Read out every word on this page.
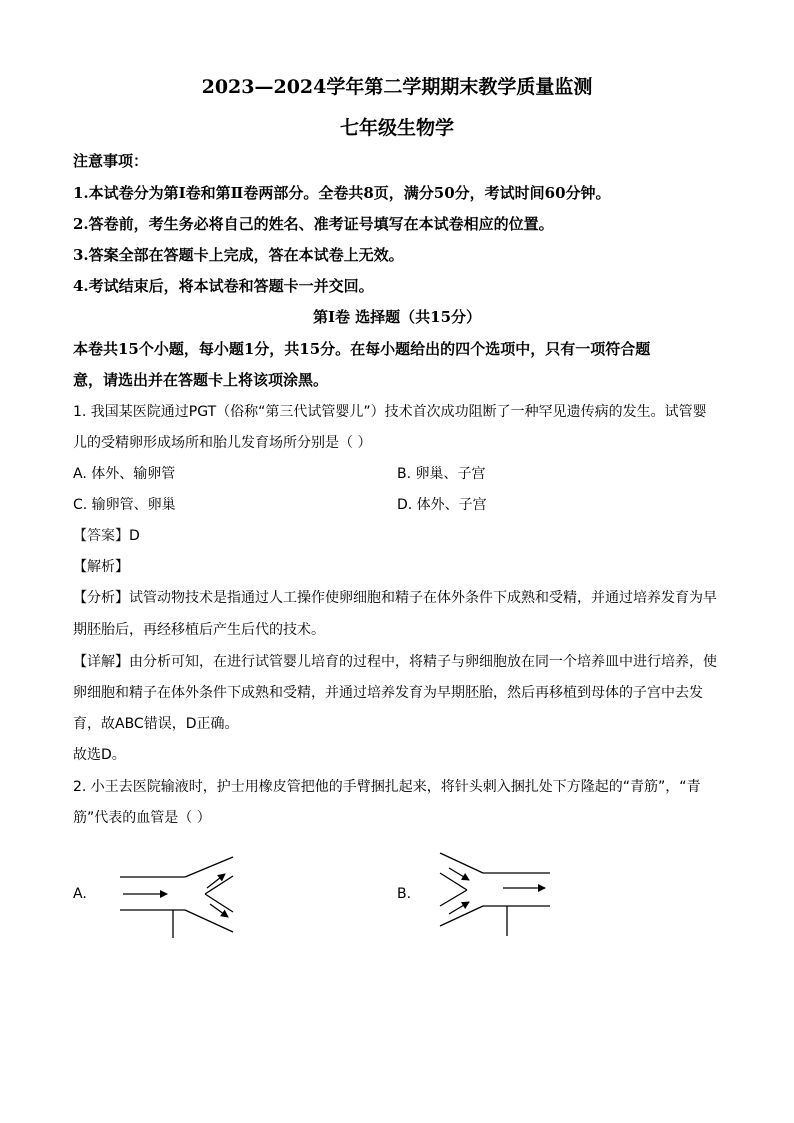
2023—2024学年第二学期期末教学质量监测
七年级生物学
注意事项：
1.本试卷分为第Ⅰ卷和第Ⅱ卷两部分。全卷共8页，满分50分，考试时间60分钟。
2.答卷前，考生务必将自己的姓名、准考证号填写在本试卷相应的位置。
3.答案全部在答题卡上完成，答在本试卷上无效。
4.考试结束后，将本试卷和答题卡一并交回。
第Ⅰ卷 选择题（共15分）
本卷共15个小题，每小题1分，共15分。在每小题给出的四个选项中，只有一项符合题
意，请选出并在答题卡上将该项涂黑。
1. 我国某医院通过PGT（俗称“第三代试管婴儿”）技术首次成功阻断了一种罕见遗传病的发生。试管婴
儿的受精卵形成场所和胎儿发育场所分别是（ ）
A. 体外、输卵管	B. 卵巢、子宫
C. 输卵管、卵巢	D. 体外、子宫
【答案】D
【解析】
【分析】试管动物技术是指通过人工操作使卵细胞和精子在体外条件下成熟和受精，并通过培养发育为早
期胚胎后，再经移植后产生后代的技术。
【详解】由分析可知，在进行试管婴儿培育的过程中，将精子与卵细胞放在同一个培养皿中进行培养，使
卵细胞和精子在体外条件下成熟和受精，并通过培养发育为早期胚胎，然后再移植到母体的子宫中去发
育，故ABC错误，D正确。
故选D。
2. 小王去医院输液时，护士用橡皮管把他的手臂捆扎起来，将针头刺入捆扎处下方隆起的“青筋”，“青
筋”代表的血管是（ ）
A.	B.
